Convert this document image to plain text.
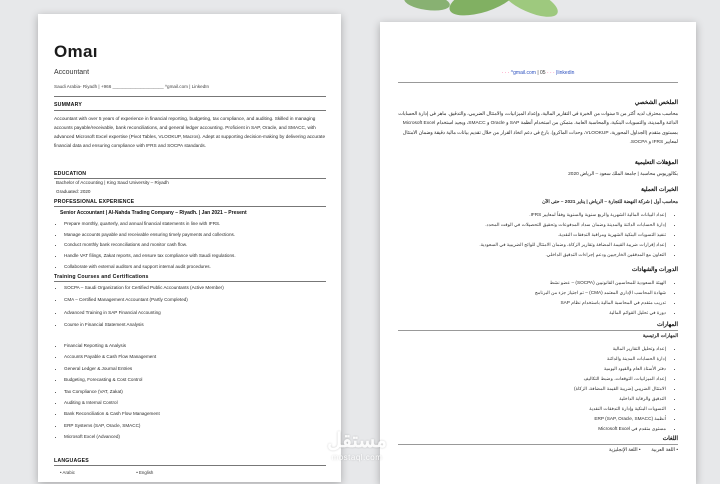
Omaı
Accountant
Saudi Arabia- Riyadh | +966 ____________________ ^gmail.com | LinkedIn
SUMMARY
Accountant with over 5 years of experience in financial reporting, budgeting, tax compliance, and auditing. Skilled in managing accounts payable/receivable, bank reconciliations, and general ledger accounting. Proficient in SAP, Oracle, and SMACC, with advanced Microsoft Excel expertise (Pivot Tables, VLOOKUP, Macros). Adept at supporting decision-making by delivering accurate financial data and ensuring compliance with IFRS and SOCPA standards.
EDUCATION
Bachelor of Accounting | King Saud University – Riyadh
Graduated: 2020
PROFESSIONAL EXPERIENCE
Senior Accountant | Al-Nahda Trading Company – Riyadh. | Jan 2021 – Present
• Prepare monthly, quarterly, and annual financial statements in line with IFRS.
• Manage accounts payable and receivable ensuring timely payments and collections.
• Conduct monthly bank reconciliations and monitor cash flow.
• Handle VAT filings, Zakat reports, and ensure tax compliance with Saudi regulations.
• Collaborate with external auditors and support internal audit procedures.
Training Courses and Certifications
• SOCPA – Saudi Organization for Certified Public Accountants (Active Member)
• CMA – Certified Management Accountant (Partly Completed)
• Advanced Training in SAP Financial Accounting
• Course in Financial Statement Analysis
• Financial Reporting & Analysis
• Accounts Payable & Cash Flow Management
• General Ledger & Journal Entries
• Budgeting, Forecasting & Cost Control
• Tax Compliance (VAT, Zakat)
• Auditing & Internal Control
• Bank Reconciliation & Cash Flow Management
• ERP Systems (SAP, Oracle, SMACC)
• Microsoft Excel (Advanced)
LANGUAGES
• Arabic	• English
· · · ^gmail.com | 05 · · · |linkedin
الملخص الشخصي
محاسب محترف لديه أكثر من 5 سنوات من الخبرة في التقارير المالية، وإعداد الميزانيات، والامتثال الضريبي، والتدقيق. ماهر في إدارة الحسابات الدائنة والمدينة، والتسويات البنكية، والمحاسبة العامة. متمكن من استخدام أنظمة SAP و Oracle و SMACC، ويجيد استخدام Microsoft Excel بمستوى متقدم (الجداول المحورية، VLOOKUP، وحدات الماكرو). بارع في دعم اتخاذ القرار من خلال تقديم بيانات مالية دقيقة وضمان الامتثال لمعايير IFRS و SOCPA.
المؤهلات التعليمية
بكالوريوس محاسبة | جامعة الملك سعود – الرياض 2020
الخبرات العملية
محاسب أول | شركة النهضة للتجارة – الرياض | يناير 2021 – حتى الآن
• إعداد البيانات المالية الشهرية والربع سنوية والسنوية وفقاً لمعايير IFRS.
• إدارة الحسابات الدائنة والمدينة وضمان سداد المدفوعات وتحقيق التحصيلات في الوقت المحدد.
• تنفيذ التسويات البنكية الشهرية ومراقبة التدفقات النقدية.
• إعداد إقرارات ضريبة القيمة المضافة وتقارير الزكاة، وضمان الامتثال للوائح الضريبية في السعودية.
• التعاون مع المدققين الخارجيين ودعم إجراءات التدقيق الداخلي.
الدورات والشهادات
• الهيئة السعودية للمحاسبين القانونيين (SOCPA) – عضو نشط
• شهادة المحاسب الإداري المعتمد (CMA) – تم اجتياز جزء من البرنامج
• تدريب متقدم في المحاسبة المالية باستخدام نظام SAP
• دورة في تحليل القوائم المالية
المهارات
المهارات الرئيسية
• إعداد وتحليل التقارير المالية
• إدارة الحسابات المدينة والدائنة
• دفتر الأستاذ العام والقيود اليومية
• إعداد الميزانيات، التوقعات، وضبط التكاليف
• الامتثال الضريبي (ضريبة القيمة المضافة، الزكاة)
• التدقيق والرقابة الداخلية
• التسويات البنكية وإدارة التدفقات النقدية
• أنظمة ERP (SAP, Oracle, SMACC)
• مستوى متقدم في Microsoft Excel
اللغات
• اللغة العربية        • اللغة الإنجليزية
مستقل
mostaql.com
